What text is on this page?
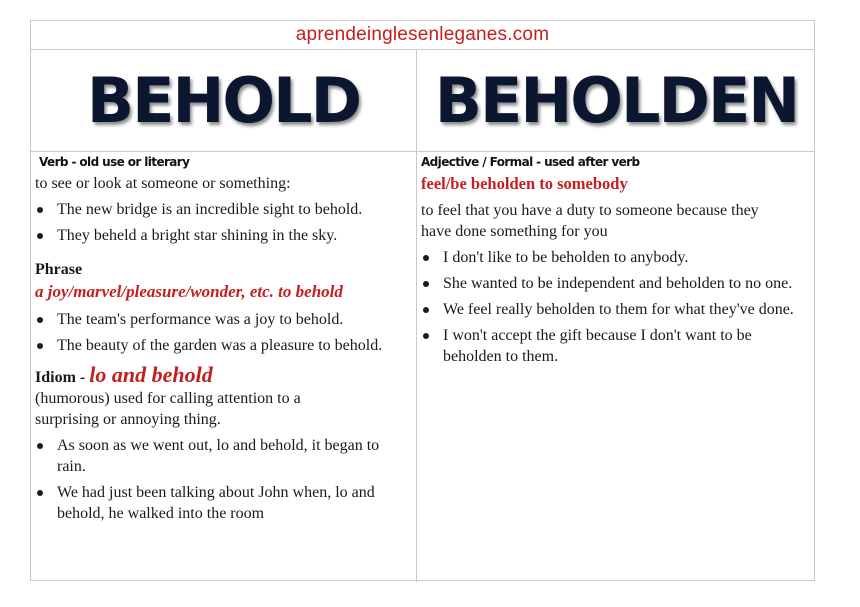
aprendeinglesenleganes.com
BEHOLD	BEHOLDEN
Verb - old use or literary
to see or look at someone or something:
The new bridge is an incredible sight to behold.
They beheld a bright star shining in the sky.
Phrase
a joy/marvel/pleasure/wonder, etc. to behold
The team's performance was a joy to behold.
The beauty of the garden was a pleasure to behold.
Idiom - lo and behold
(humorous) used for calling attention to a surprising or annoying thing.
As soon as we went out, lo and behold, it began to rain.
We had just been talking about John when, lo and behold, he walked into the room
Adjective / Formal - used after verb
feel/be beholden to somebody
to feel that you have a duty to someone because they have done something for you
I don't like to be beholden to anybody.
She wanted to be independent and beholden to no one.
We feel really beholden to them for what they've done.
I won't accept the gift because I don't want to be beholden to them.
